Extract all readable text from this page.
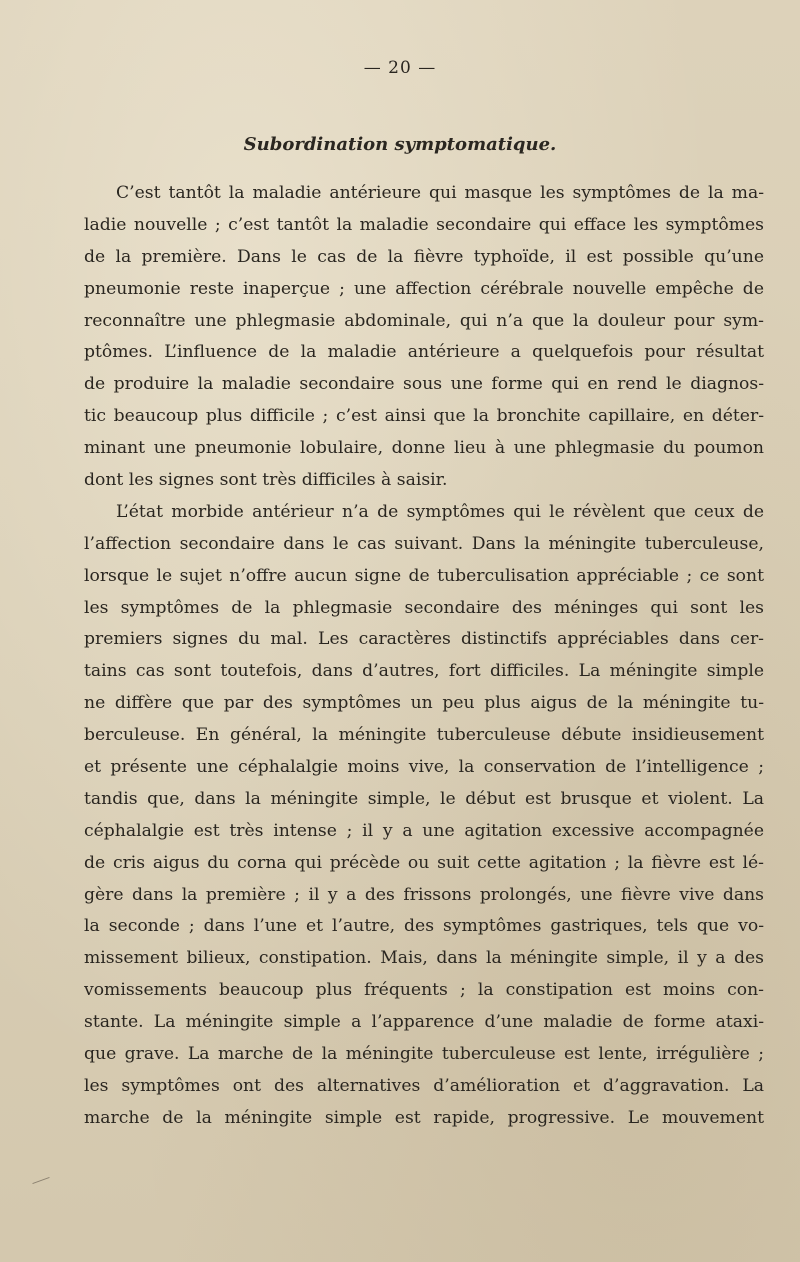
— 20 —
Subordination symptomatique.
C’est tantôt la maladie antérieure qui masque les symptômes de la ma-
ladie nouvelle ; c’est tantôt la maladie secondaire qui efface les symptômes
de la première. Dans le cas de la fièvre typhoïde, il est possible qu’une
pneumonie reste inaperçue ; une affection cérébrale nouvelle empêche de
reconnaître une phlegmasie abdominale, qui n’a que la douleur pour sym-
ptômes. L’influence de la maladie antérieure a quelquefois pour résultat
de produire la maladie secondaire sous une forme qui en rend le diagnos-
tic beaucoup plus difficile ; c’est ainsi que la bronchite capillaire, en déter-
minant une pneumonie lobulaire, donne lieu à une phlegmasie du poumon
dont les signes sont très difficiles à saisir.
L’état morbide antérieur n’a de symptômes qui le révèlent que ceux de
l’affection secondaire dans le cas suivant. Dans la méningite tuberculeuse,
lorsque le sujet n’offre aucun signe de tuberculisation appréciable ; ce sont
les symptômes de la phlegmasie secondaire des méninges qui sont les
premiers signes du mal. Les caractères distinctifs appréciables dans cer-
tains cas sont toutefois, dans d’autres, fort difficiles. La méningite simple
ne diffère que par des symptômes un peu plus aigus de la méningite tu-
berculeuse. En général, la méningite tuberculeuse débute insidieusement
et présente une céphalalgie moins vive, la conservation de l’intelligence ;
tandis que, dans la méningite simple, le début est brusque et violent. La
céphalalgie est très intense ; il y a une agitation excessive accompagnée
de cris aigus du corna qui précède ou suit cette agitation ; la fièvre est lé-
gère dans la première ; il y a des frissons prolongés, une fièvre vive dans
la seconde ; dans l’une et l’autre, des symptômes gastriques, tels que vo-
missement bilieux, constipation. Mais, dans la méningite simple, il y a des
vomissements beaucoup plus fréquents ; la constipation est moins con-
stante. La méningite simple a l’apparence d’une maladie de forme ataxi-
que grave. La marche de la méningite tuberculeuse est lente, irrégulière ;
les symptômes ont des alternatives d’amélioration et d’aggravation. La
marche de la méningite simple est rapide, progressive. Le mouvement
